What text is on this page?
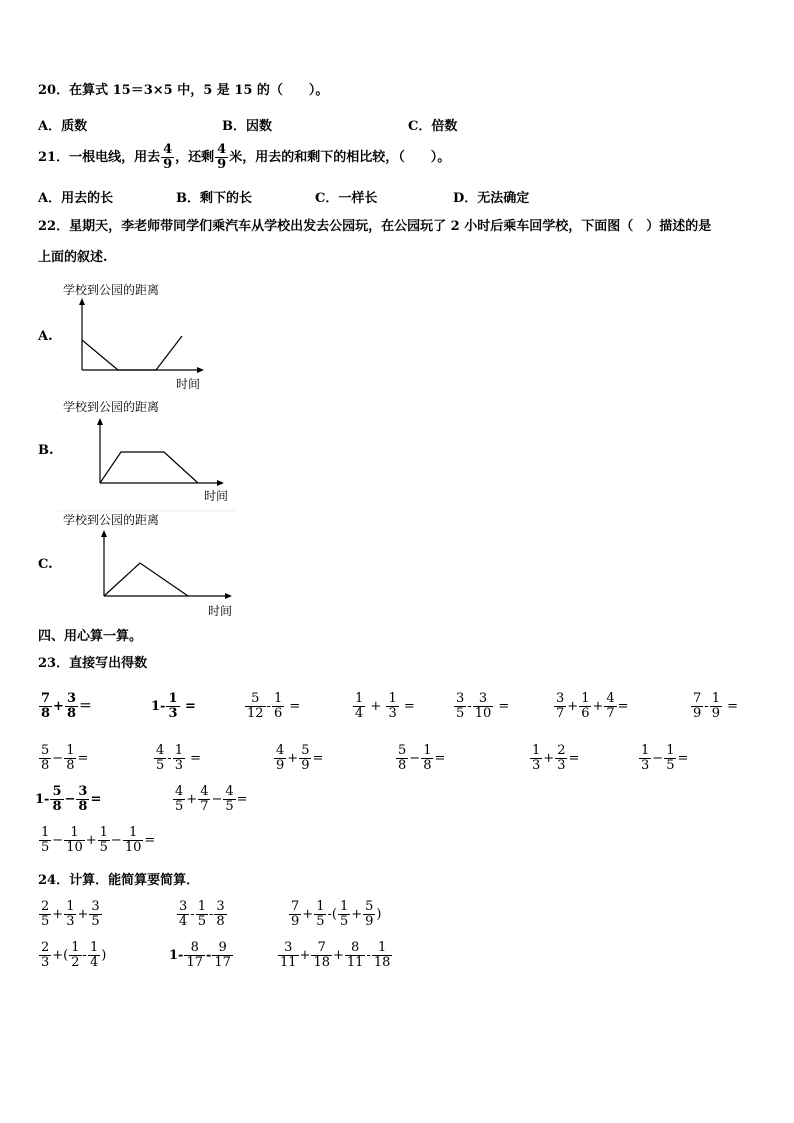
20．在算式 15＝3×5 中，5 是 15 的（　　）。
A．质数	B．因数	C．倍数
21．一根电线，用去 $\frac{4}{9}$ ，还剩 $\frac{4}{9}$ 米，用去的和剩下的相比较，（　　）。
A．用去的长	B．剩下的长	C．一样长	D．无法确定
22．星期天，李老师带同学们乘汽车从学校出发去公园玩，在公园玩了 2 小时后乘车回学校，下面图（　）描述的是
上面的叙述.
A.
学校到公园的距离
时间
B.
学校到公园的距离
时间
C.
学校到公园的距离
时间
四、用心算一算。
23．直接写出得数
$\frac{7}{8} + \frac{3}{8}$ ＝	$1- \frac{1}{3}$ =	$\frac{5}{12} - \frac{1}{6}$ =	$\frac{1}{4} + \frac{1}{3}$ =	$\frac{3}{5} - \frac{3}{10}$ =	$\frac{3}{7} + \frac{1}{6} + \frac{4}{7}$ =	$\frac{7}{9} - \frac{1}{9}$ =
$\frac{5}{8} - \frac{1}{8}$ =	$\frac{4}{5} - \frac{1}{3}$ =	$\frac{4}{9} + \frac{5}{9}$ =	$\frac{5}{8} - \frac{1}{8}$ =	$\frac{1}{3} + \frac{2}{3}$ =	$\frac{1}{3} - \frac{1}{5}$ =
$1- \frac{5}{8} - \frac{3}{8}$ =	$\frac{4}{5} + \frac{4}{7} - \frac{4}{5}$ =
$\frac{1}{5} - \frac{1}{10} + \frac{1}{5} - \frac{1}{10}$ =
24．计算．能简算要简算．
$\frac{2}{5} + \frac{1}{3} + \frac{3}{5}$	$\frac{3}{4} - \frac{1}{5} - \frac{3}{8}$	$\frac{7}{9} + \frac{1}{5}$ -( $\frac{1}{5} + \frac{5}{9}$ )
$\frac{2}{3}$ +( $\frac{1}{2} - \frac{1}{4}$ )	$1- \frac{8}{17} - \frac{9}{17}$	$\frac{3}{11} + \frac{7}{18} + \frac{8}{11} - \frac{1}{18}$
